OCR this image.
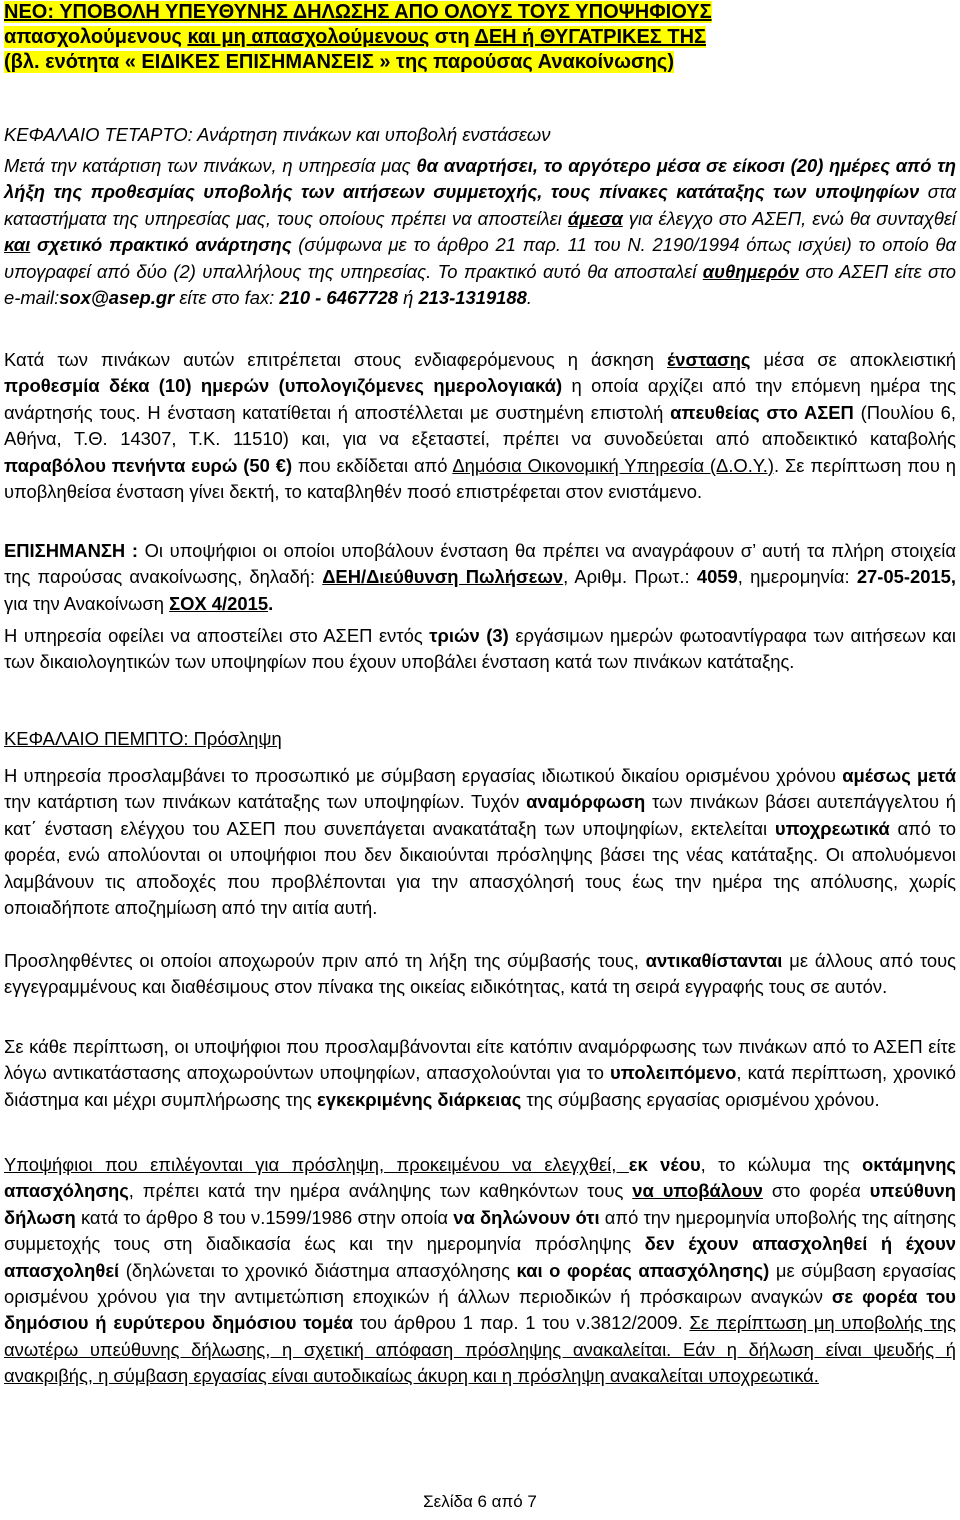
ΝΕΟ: ΥΠΟΒΟΛΗ ΥΠΕΥΘΥΝΗΣ ΔΗΛΩΣΗΣ ΑΠΟ ΟΛΟΥΣ ΤΟΥΣ ΥΠΟΨΗΦΙΟΥΣ
απασχολούμενους και μη απασχολούμενους στη ΔΕΗ ή ΘΥΓΑΤΡΙΚΕΣ ΤΗΣ
(βλ. ενότητα « ΕΙΔΙΚΕΣ ΕΠΙΣΗΜΑΝΣΕΙΣ » της παρούσας Ανακοίνωσης)
ΚΕΦΑΛΑΙΟ ΤΕΤΑΡΤΟ: Ανάρτηση πινάκων και υποβολή ενστάσεων

Μετά την κατάρτιση των πινάκων, η υπηρεσία μας θα αναρτήσει, το αργότερο μέσα σε είκοσι (20) ημέρες από τη λήξη της προθεσμίας υποβολής των αιτήσεων συμμετοχής, τους πίνακες κατάταξης των υποψηφίων στα καταστήματα της υπηρεσίας μας, τους οποίους πρέπει να αποστείλει άμεσα για έλεγχο στο ΑΣΕΠ, ενώ θα συνταχθεί και σχετικό πρακτικό ανάρτησης (σύμφωνα με το άρθρο 21 παρ. 11 του Ν. 2190/1994 όπως ισχύει) το οποίο θα υπογραφεί από δύο (2) υπαλλήλους της υπηρεσίας. Το πρακτικό αυτό θα αποσταλεί αυθημερόν στο ΑΣΕΠ είτε στο e-mail:sox@asep.gr είτε στο fax: 210 - 6467728 ή 213-1319188.

Κατά των πινάκων αυτών επιτρέπεται στους ενδιαφερόμενους η άσκηση ένστασης μέσα σε αποκλειστική προθεσμία δέκα (10) ημερών (υπολογιζόμενες ημερολογιακά) η οποία αρχίζει από την επόμενη ημέρα της ανάρτησής τους. Η ένσταση κατατίθεται ή αποστέλλεται με συστημένη επιστολή απευθείας στο ΑΣΕΠ (Πουλίου 6, Αθήνα, Τ.Θ. 14307, Τ.Κ. 11510) και, για να εξεταστεί, πρέπει να συνοδεύεται από αποδεικτικό καταβολής παραβόλου πενήντα ευρώ (50 €) που εκδίδεται από Δημόσια Οικονομική Υπηρεσία (Δ.Ο.Υ.). Σε περίπτωση που η υποβληθείσα ένσταση γίνει δεκτή, το καταβληθέν ποσό επιστρέφεται στον ενιστάμενο.

ΕΠΙΣΗΜΑΝΣΗ : Οι υποψήφιοι οι οποίοι υποβάλουν ένσταση θα πρέπει να αναγράφουν σ’ αυτή τα πλήρη στοιχεία της παρούσας ανακοίνωσης, δηλαδή: ΔΕΗ/Διεύθυνση Πωλήσεων, Αριθμ. Πρωτ.: 4059, ημερομηνία: 27-05-2015, για την Ανακοίνωση ΣΟΧ 4/2015.

Η υπηρεσία οφείλει να αποστείλει στο ΑΣΕΠ εντός τριών (3) εργάσιμων ημερών φωτοαντίγραφα των αιτήσεων και των δικαιολογητικών των υποψηφίων που έχουν υποβάλει ένσταση κατά των πινάκων κατάταξης.

ΚΕΦΑΛΑΙΟ ΠΕΜΠΤΟ: Πρόσληψη

Η υπηρεσία προσλαμβάνει το προσωπικό με σύμβαση εργασίας ιδιωτικού δικαίου ορισμένου χρόνου αμέσως μετά την κατάρτιση των πινάκων κατάταξης των υποψηφίων. Τυχόν αναμόρφωση των πινάκων βάσει αυτεπάγγελτου ή κατ΄ ένσταση ελέγχου του ΑΣΕΠ που συνεπάγεται ανακατάταξη των υποψηφίων, εκτελείται υποχρεωτικά από το φορέα, ενώ απολύονται οι υποψήφιοι που δεν δικαιούνται πρόσληψης βάσει της νέας κατάταξης. Οι απολυόμενοι λαμβάνουν τις αποδοχές που προβλέπονται για την απασχόλησή τους έως την ημέρα της απόλυσης, χωρίς οποιαδήποτε αποζημίωση από την αιτία αυτή.

Προσληφθέντες οι οποίοι αποχωρούν πριν από τη λήξη της σύμβασής τους, αντικαθίστανται με άλλους από τους εγγεγραμμένους και διαθέσιμους στον πίνακα της οικείας ειδικότητας, κατά τη σειρά εγγραφής τους σε αυτόν.

Σε κάθε περίπτωση, οι υποψήφιοι που προσλαμβάνονται είτε κατόπιν αναμόρφωσης των πινάκων από το ΑΣΕΠ είτε λόγω αντικατάστασης αποχωρούντων υποψηφίων, απασχολούνται για το υπολειπόμενο, κατά περίπτωση, χρονικό διάστημα και μέχρι συμπλήρωσης της εγκεκριμένης διάρκειας της σύμβασης εργασίας ορισμένου χρόνου.

Υποψήφιοι που επιλέγονται για πρόσληψη, προκειμένου να ελεγχθεί, εκ νέου, το κώλυμα της οκτάμηνης απασχόλησης, πρέπει κατά την ημέρα ανάληψης των καθηκόντων τους να υποβάλουν στο φορέα υπεύθυνη δήλωση κατά το άρθρο 8 του ν.1599/1986 στην οποία να δηλώνουν ότι από την ημερομηνία υποβολής της αίτησης συμμετοχής τους στη διαδικασία έως και την ημερομηνία πρόσληψης δεν έχουν απασχοληθεί ή έχουν απασχοληθεί (δηλώνεται το χρονικό διάστημα απασχόλησης και ο φορέας απασχόλησης) με σύμβαση εργασίας ορισμένου χρόνου για την αντιμετώπιση εποχικών ή άλλων περιοδικών ή πρόσκαιρων αναγκών σε φορέα του δημόσιου ή ευρύτερου δημόσιου τομέα του άρθρου 1 παρ. 1 του ν.3812/2009. Σε περίπτωση μη υποβολής της ανωτέρω υπεύθυνης δήλωσης, η σχετική απόφαση πρόσληψης ανακαλείται. Εάν η δήλωση είναι ψευδής ή ανακριβής, η σύμβαση εργασίας είναι αυτοδικαίως άκυρη και η πρόσληψη ανακαλείται υποχρεωτικά.

Σελίδα 6 από 7
